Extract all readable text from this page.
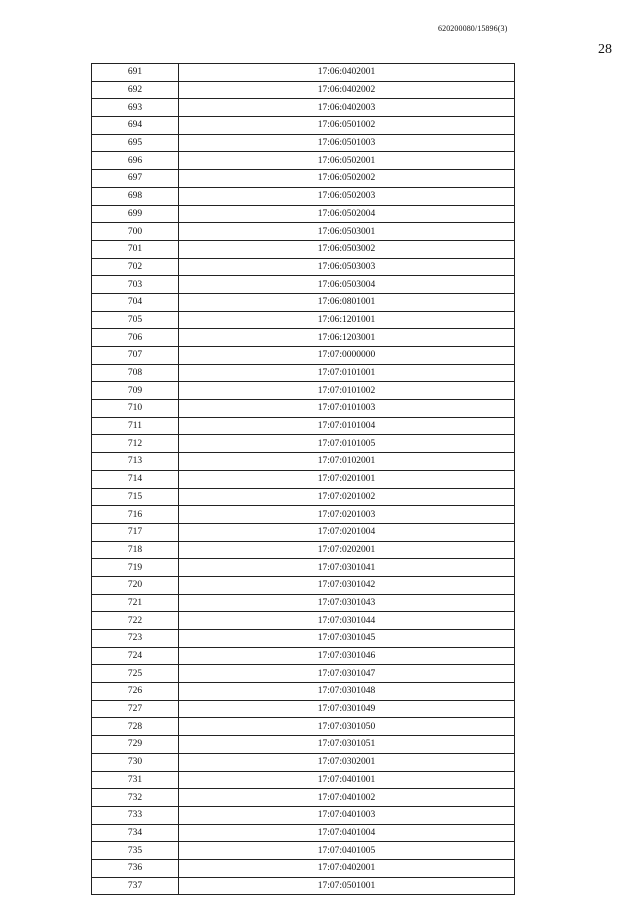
620200080/15896(3)
28
691	17:06:0402001
692	17:06:0402002
693	17:06:0402003
694	17:06:0501002
695	17:06:0501003
696	17:06:0502001
697	17:06:0502002
698	17:06:0502003
699	17:06:0502004
700	17:06:0503001
701	17:06:0503002
702	17:06:0503003
703	17:06:0503004
704	17:06:0801001
705	17:06:1201001
706	17:06:1203001
707	17:07:0000000
708	17:07:0101001
709	17:07:0101002
710	17:07:0101003
711	17:07:0101004
712	17:07:0101005
713	17:07:0102001
714	17:07:0201001
715	17:07:0201002
716	17:07:0201003
717	17:07:0201004
718	17:07:0202001
719	17:07:0301041
720	17:07:0301042
721	17:07:0301043
722	17:07:0301044
723	17:07:0301045
724	17:07:0301046
725	17:07:0301047
726	17:07:0301048
727	17:07:0301049
728	17:07:0301050
729	17:07:0301051
730	17:07:0302001
731	17:07:0401001
732	17:07:0401002
733	17:07:0401003
734	17:07:0401004
735	17:07:0401005
736	17:07:0402001
737	17:07:0501001
